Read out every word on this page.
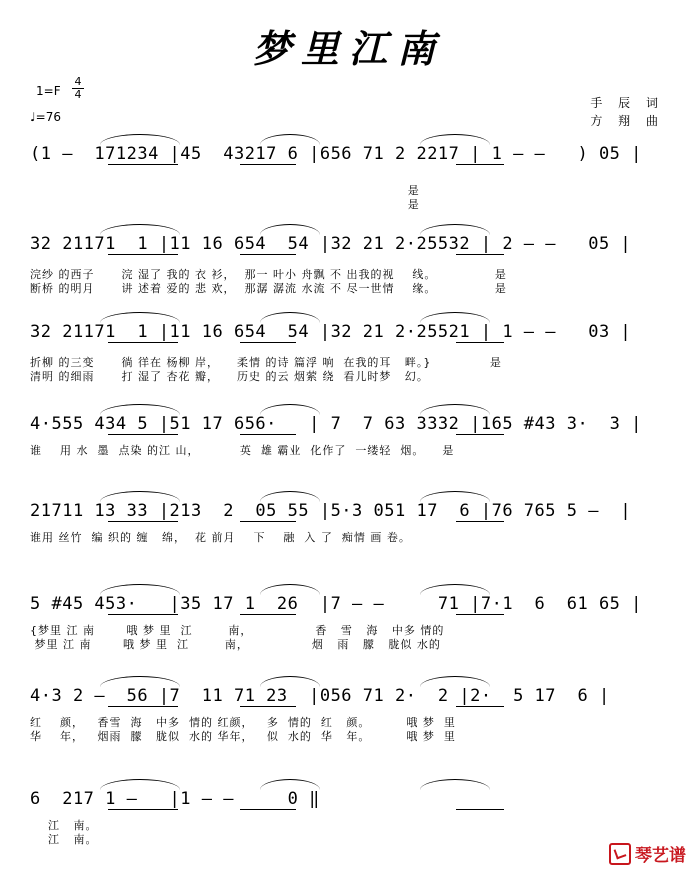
梦里江南
1=F
4
4
♩=76
手 辰 词
方 翔 曲
(1 –  171234 |45  43217 6 |656 71 2 2217 | 1 – –   ) 05 |
是
是
32 21171  1 |11 16 654  54 |32 21 2·25532 | 2 – –   05 |
浣纱 的西子      浣 湿了 我的 衣 衫，  那一 叶小 舟飘 不 出我的视    线。             是
断桥 的明月      讲 述着 爱的 悲 欢，  那潺 潺流 水流 不 尽一世情    缘。             是
32 21171  1 |11 16 654  54 |32 21 2·25521 | 1 – –   03 |
折柳 的三变      徜 徉在 杨柳 岸，    柔情 的诗 篇浮 响  在我的耳   畔。}             是
清明 的细雨      打 湿了 杏花 瓣，    历史 的云 烟萦 绕  看儿时梦   幻。
4·555 434 5 |51 17 656·   | 7  7 63 3332 |165 #43 3·  3 |
谁    用 水  墨  点染 的江 山，         英  雄 霸业  化作了  一缕轻  烟。    是
21711 13 33 |213  2  05 55 |5·3 051 17  6 |76 765 5 –  |
谁用 丝竹  编 织的 缠   绵，  花 前月    下    融  入 了  痴情 画 卷。
5 #45 453·   |35 17 1  26  |7 – –     71 |7·1  6  61 65 |
{梦里 江 南       哦 梦 里  江        南，              香   雪   海   中多 情的
梦里 江 南       哦 梦 里  江        南，              烟   雨   朦   胧似 水的
4·3 2 –  56 |7  11 71 23  |056 71 2·  2 |2·  5 17  6 |
红    颜，   香雪  海   中多  情的 红颜，   多  情的  红   颜。        哦 梦  里
华    年，   烟雨  朦   胧似  水的 华年，   似  水的  华   年。        哦 梦  里
6  217 1 –   |1 – –     0 ‖
江   南。
江   南。
琴艺谱
